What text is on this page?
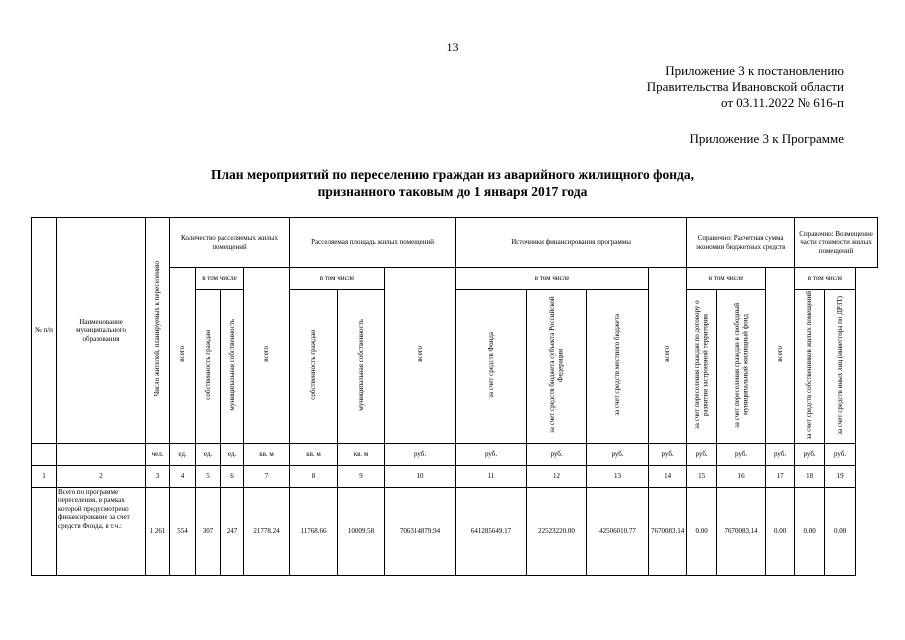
13
Приложение 3 к постановлению
Правительства Ивановской области
от 03.11.2022 № 616-п
Приложение 3 к Программе
План мероприятий по переселению граждан из аварийного жилищного фонда,
признанного таковым до 1 января 2017 года
№ п/п	Наименование муниципального образования	Число жителей, планируемых к переселению	Количество расселяемых жилых помещений				Расселяемая площадь жилых помещений			Источники финансирования программы				Справочно: Расчетная сумма экономии бюджетных средств			Справочно: Возмещение части стоимости жилых помещений	
			всего	в том числе		всего	в том числе		всего	в том числе			всего	в том числе		всего	в том числе	
				собственность граждан	муниципальная собственность		собственность граждан	муниципальная собственность		за счет средств Фонда	за счет средств бюджета субъекта Российской Федерации	за счет средств местного бюджета		за счет переселения граждан по договору о развитии застроенной территории	за счет переселения граждан в свободный муниципальный жилищный фонд		за счет средств собственников жилых помещений	за счет средств иных лиц (инвестора по ДРЗТ)
		чел.	ед.	ед.	ед.	кв. м	кв. м	кв. м	руб.	руб.	руб.	руб.	руб.	руб.	руб.	руб.	руб.	руб.
1	2	3	4	5	6	7	8	9	10	11	12	13	14	15	16	17	18	19
	Всего по программе переселения, в рамках которой предусмотрено финансирование за счет средств Фонда, в т.ч.:	1 261	554	307	247	21778.24	11768.66	10009.58	706314879.94	641285649.17	22523220.00	42506010.77	7670083.14	0.00	7670083.14	0.00	0.00	0.00
